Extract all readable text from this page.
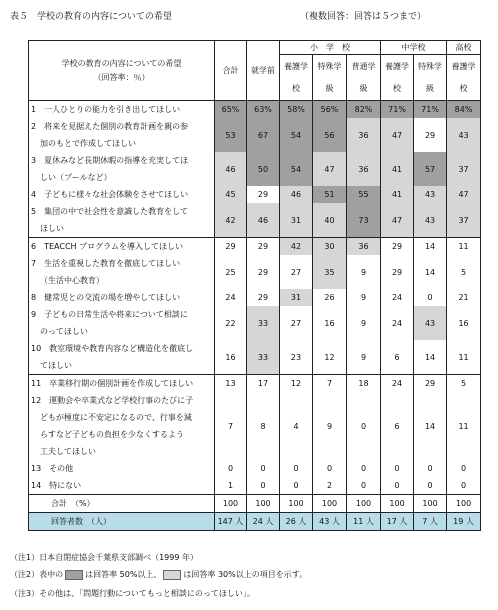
表５　学校の教育の内容についての希望	（複数回答：回答は５つまで）
学校の教育の内容についての希望
（回答率：％）	合計	就学前	小　学　校			中学校		高校
			養護学	特殊学	普通学	養護学	特殊学	養護学
			校	級	級	校	級	校

1　一人ひとりの能力を引き出してほしい	65%	63%	58%	56%	82%	71%	71%	84%

2　将来を見据えた個別の教育計画を親の参
加のもとで作成してほしい	53	67	54	56	36	47	29	43

3　夏休みなど長期休暇の指導を充実してほ
しい（プールなど）	46	50	54	47	36	41	57	37

4　子どもに様々な社会体験をさせてほしい	45	29	46	51	55	41	43	47

5　集団の中で社会性を意識した教育をして
ほしい	42	46	31	40	73	47	43	37

6　TEACCH プログラムを導入してほしい	29	29	42	30	36	29	14	11

7　生活を重視した教育を徹底してほしい
（生活中心教育）	25	29	27	35	9	29	14	5

8　健常児との交流の場を増やしてほしい	24	29	31	26	9	24	0	21

9　子どもの日常生活や将来について相談に
のってほしい	22	33	27	16	9	24	43	16

10　教室環境や教育内容など構造化を徹底し
てほしい	16	33	23	12	9	6	14	11

11　卒業移行期の個別計画を作成してほしい	13	17	12	7	18	24	29	5

12　運動会や卒業式など学校行事のたびに子
どもが極度に不安定になるので、行事を減
らすなど子どもの負担を少なくするよう
工夫してほしい	7	8	4	9	0	6	14	11

13　その他	0	0	0	0	0	0	0	0

14　特にない	1	0	0	2	0	0	0	0
合計　（%）	100	100	100	100	100	100	100	100
回答者数　（人）	147 人	24 人	26 人	43 人	11 人	17 人	7 人	19 人
（注1）日本自閉症協会千葉県支部調べ（1999 年）
（注2）表中の	は回答率 50%以上、	は回答率 30%以上の項目を示す。
（注3）その他は、「問題行動についてもっと相談にのってほしい」。
